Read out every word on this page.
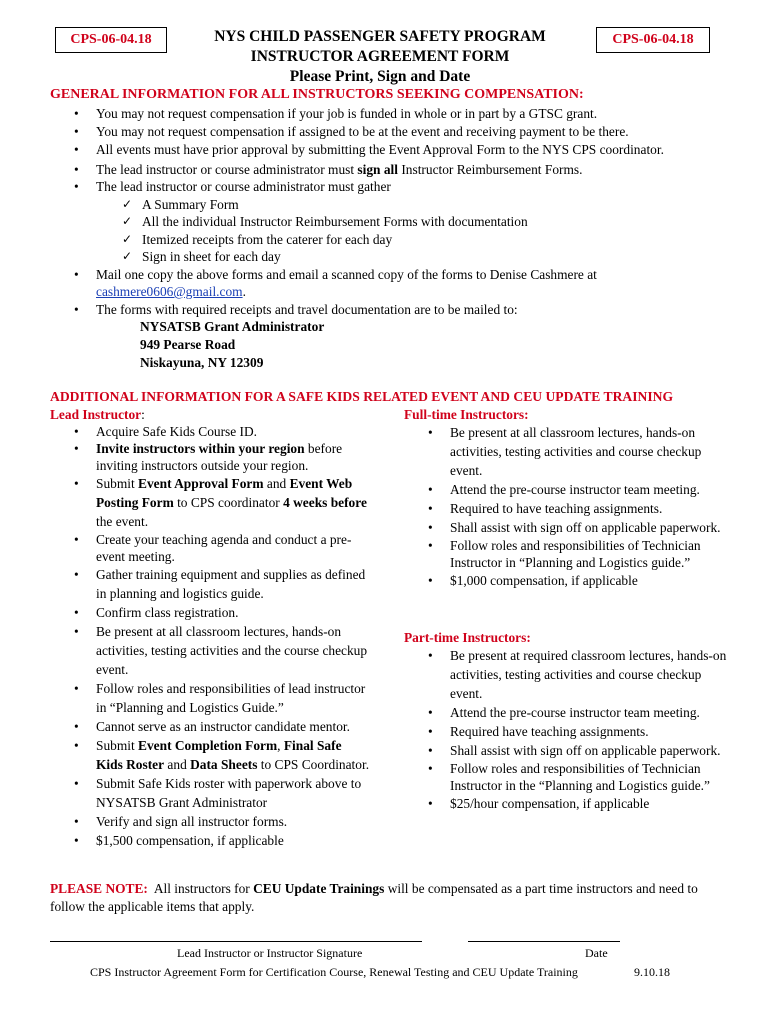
CPS-06-04.18	CPS-06-04.18
NYS CHILD PASSENGER SAFETY PROGRAM
INSTRUCTOR AGREEMENT FORM
Please Print, Sign and Date
GENERAL INFORMATION FOR ALL INSTRUCTORS SEEKING COMPENSATION:
• You may not request compensation if your job is funded in whole or in part by a GTSC grant.
• You may not request compensation if assigned to be at the event and receiving payment to be there.
• All events must have prior approval by submitting the Event Approval Form to the NYS CPS coordinator.
• The lead instructor or course administrator must sign all Instructor Reimbursement Forms.
• The lead instructor or course administrator must gather
✓ A Summary Form
✓ All the individual Instructor Reimbursement Forms with documentation
✓ Itemized receipts from the caterer for each day
✓ Sign in sheet for each day
• Mail one copy the above forms and email a scanned copy of the forms to Denise Cashmere at
cashmere0606@gmail.com.
• The forms with required receipts and travel documentation are to be mailed to:
NYSATSB Grant Administrator
949 Pearse Road
Niskayuna, NY 12309
ADDITIONAL INFORMATION FOR A SAFE KIDS RELATED EVENT AND CEU UPDATE TRAINING
Lead Instructor:
• Acquire Safe Kids Course ID.
• Invite instructors within your region before inviting instructors outside your region.
• Submit Event Approval Form and Event Web Posting Form to CPS coordinator 4 weeks before the event.
• Create your teaching agenda and conduct a pre-event meeting.
• Gather training equipment and supplies as defined in planning and logistics guide.
• Confirm class registration.
• Be present at all classroom lectures, hands-on activities, testing activities and the course checkup event.
• Follow roles and responsibilities of lead instructor in “Planning and Logistics Guide.”
• Cannot serve as an instructor candidate mentor.
• Submit Event Completion Form, Final Safe Kids Roster and Data Sheets to CPS Coordinator.
• Submit Safe Kids roster with paperwork above to NYSATSB Grant Administrator
• Verify and sign all instructor forms.
• $1,500 compensation, if applicable
Full-time Instructors:
• Be present at all classroom lectures, hands-on activities, testing activities and course checkup event.
• Attend the pre-course instructor team meeting.
• Required to have teaching assignments.
• Shall assist with sign off on applicable paperwork.
• Follow roles and responsibilities of Technician Instructor in “Planning and Logistics guide.”
• $1,000 compensation, if applicable
Part-time Instructors:
• Be present at required classroom lectures, hands-on activities, testing activities and course checkup event.
• Attend the pre-course instructor team meeting.
• Required have teaching assignments.
• Shall assist with sign off on applicable paperwork.
• Follow roles and responsibilities of Technician Instructor in the “Planning and Logistics guide.”
• $25/hour compensation, if applicable
PLEASE NOTE:  All instructors for CEU Update Trainings will be compensated as a part time instructors and need to follow the applicable items that apply.
Lead Instructor or Instructor Signature	Date
CPS Instructor Agreement Form for Certification Course, Renewal Testing and CEU Update Training	9.10.18
